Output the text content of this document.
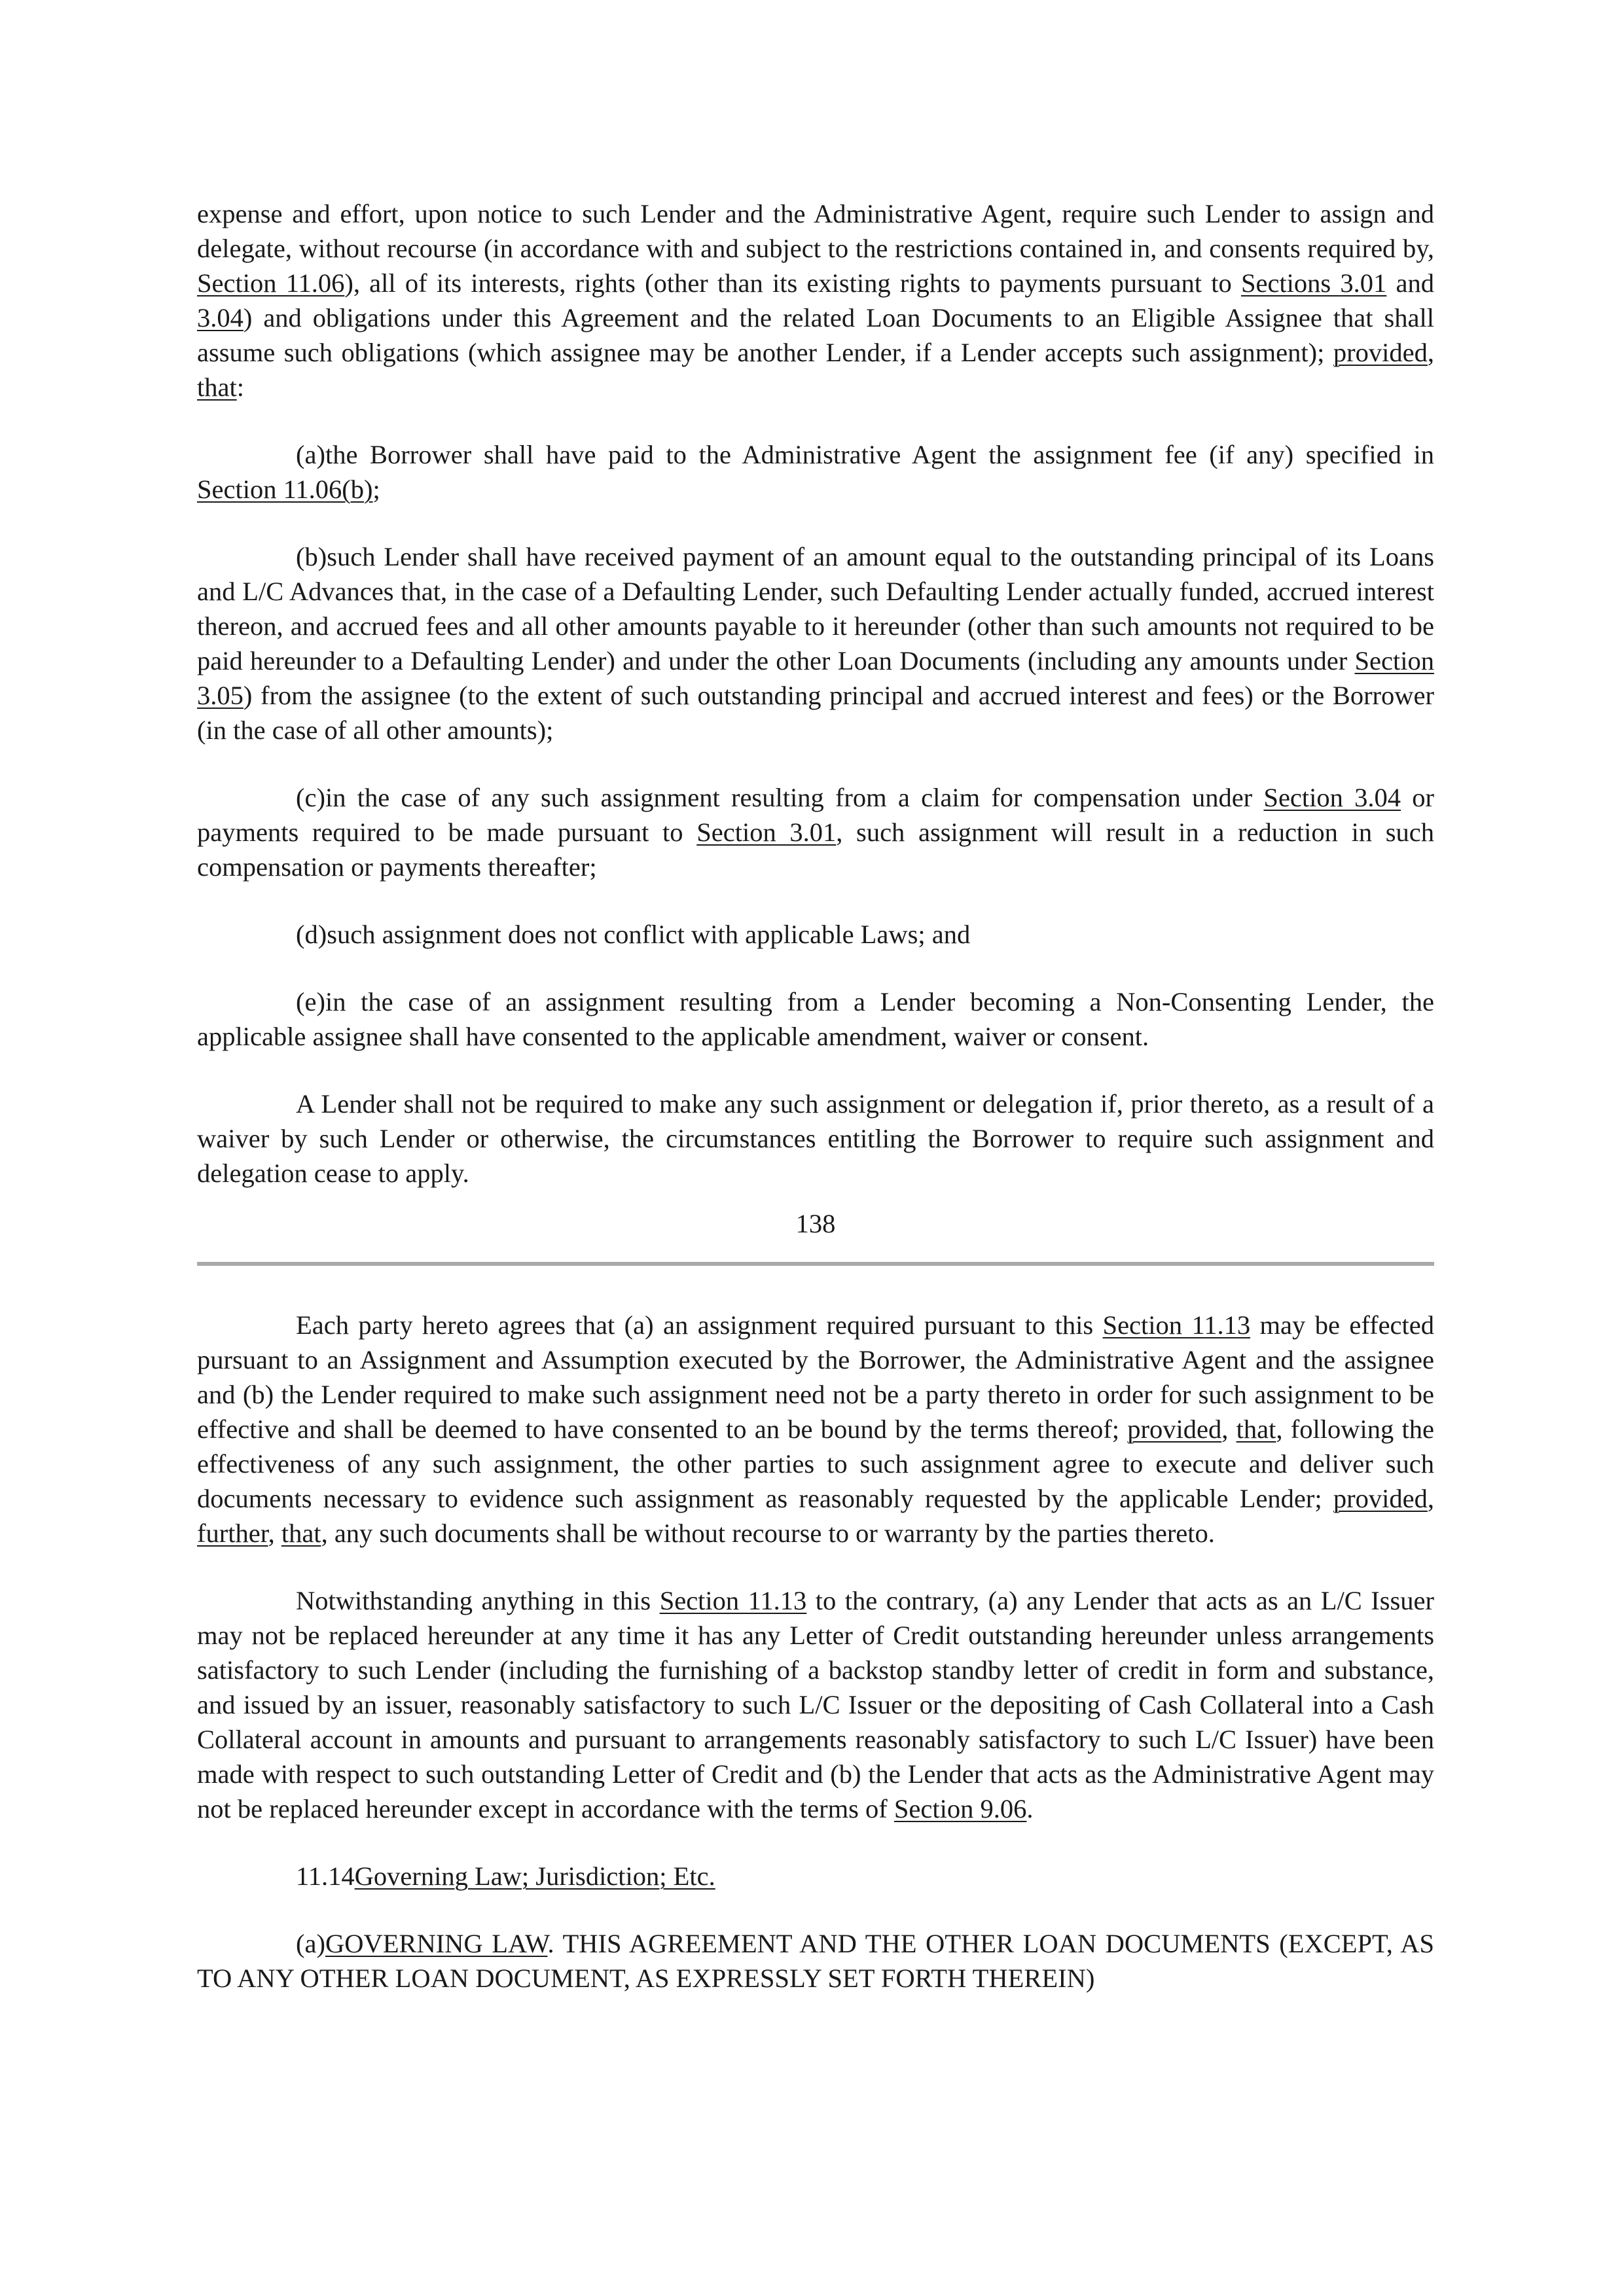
expense and effort, upon notice to such Lender and the Administrative Agent, require such Lender to assign and delegate, without recourse (in accordance with and subject to the restrictions contained in, and consents required by, Section 11.06), all of its interests, rights (other than its existing rights to payments pursuant to Sections 3.01 and 3.04) and obligations under this Agreement and the related Loan Documents to an Eligible Assignee that shall assume such obligations (which assignee may be another Lender, if a Lender accepts such assignment); provided, that:

(a)the Borrower shall have paid to the Administrative Agent the assignment fee (if any) specified in Section 11.06(b);

(b)such Lender shall have received payment of an amount equal to the outstanding principal of its Loans and L/C Advances that, in the case of a Defaulting Lender, such Defaulting Lender actually funded, accrued interest thereon, and accrued fees and all other amounts payable to it hereunder (other than such amounts not required to be paid hereunder to a Defaulting Lender) and under the other Loan Documents (including any amounts under Section 3.05) from the assignee (to the extent of such outstanding principal and accrued interest and fees) or the Borrower (in the case of all other amounts);

(c)in the case of any such assignment resulting from a claim for compensation under Section 3.04 or payments required to be made pursuant to Section 3.01, such assignment will result in a reduction in such compensation or payments thereafter;

(d)such assignment does not conflict with applicable Laws; and

(e)in the case of an assignment resulting from a Lender becoming a Non-Consenting Lender, the applicable assignee shall have consented to the applicable amendment, waiver or consent.

A Lender shall not be required to make any such assignment or delegation if, prior thereto, as a result of a waiver by such Lender or otherwise, the circumstances entitling the Borrower to require such assignment and delegation cease to apply.

138

Each party hereto agrees that (a) an assignment required pursuant to this Section 11.13 may be effected pursuant to an Assignment and Assumption executed by the Borrower, the Administrative Agent and the assignee and (b) the Lender required to make such assignment need not be a party thereto in order for such assignment to be effective and shall be deemed to have consented to an be bound by the terms thereof; provided, that, following the effectiveness of any such assignment, the other parties to such assignment agree to execute and deliver such documents necessary to evidence such assignment as reasonably requested by the applicable Lender; provided, further, that, any such documents shall be without recourse to or warranty by the parties thereto.

Notwithstanding anything in this Section 11.13 to the contrary, (a) any Lender that acts as an L/C Issuer may not be replaced hereunder at any time it has any Letter of Credit outstanding hereunder unless arrangements satisfactory to such Lender (including the furnishing of a backstop standby letter of credit in form and substance, and issued by an issuer, reasonably satisfactory to such L/C Issuer or the depositing of Cash Collateral into a Cash Collateral account in amounts and pursuant to arrangements reasonably satisfactory to such L/C Issuer) have been made with respect to such outstanding Letter of Credit and (b) the Lender that acts as the Administrative Agent may not be replaced hereunder except in accordance with the terms of Section 9.06.

11.14Governing Law; Jurisdiction; Etc.

(a)GOVERNING LAW. THIS AGREEMENT AND THE OTHER LOAN DOCUMENTS (EXCEPT, AS TO ANY OTHER LOAN DOCUMENT, AS EXPRESSLY SET FORTH THEREIN)
